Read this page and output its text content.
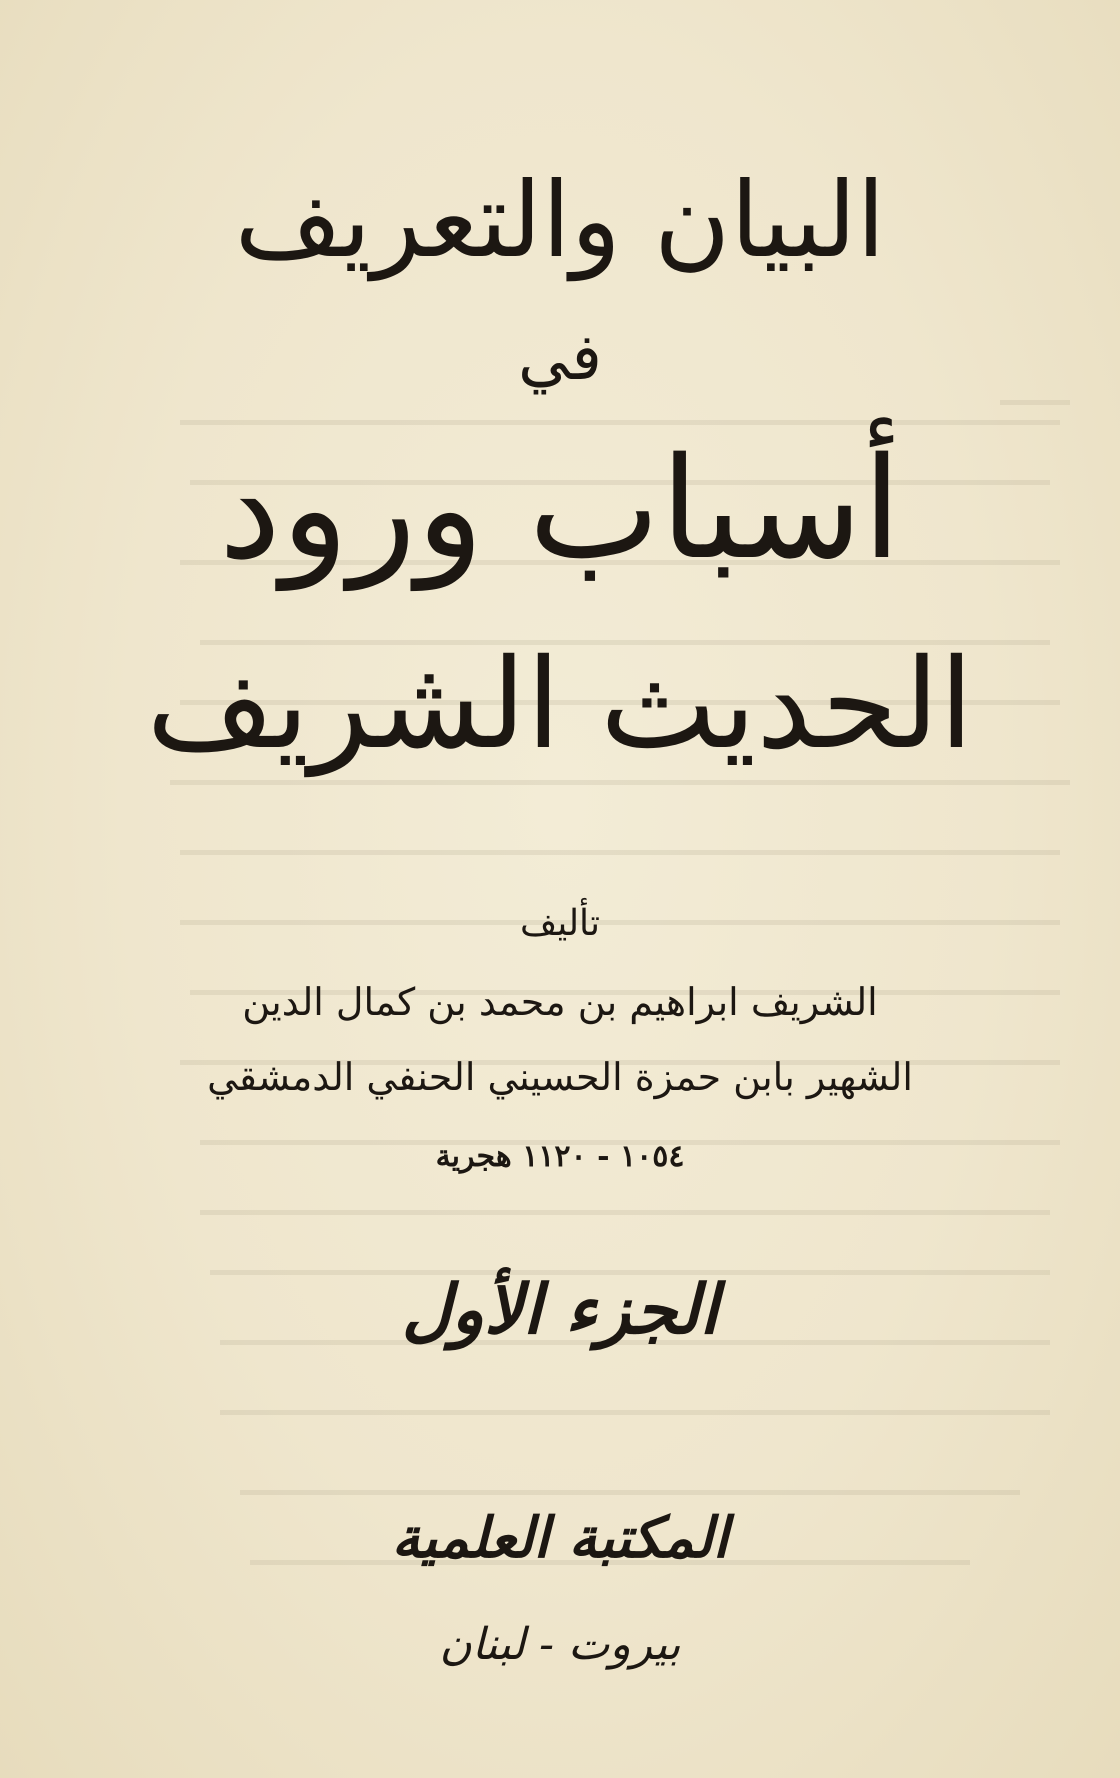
البيان والتعريف
في
أسباب ورود
الحديث الشريف
تأليف
الشريف ابراهيم بن محمد بن كمال الدين
الشهير بابن حمزة الحسيني الحنفي الدمشقي
١٠٥٤ - ١١٢٠ هجرية
الجزء الأول
المكتبة العلمية
بيروت - لبنان
